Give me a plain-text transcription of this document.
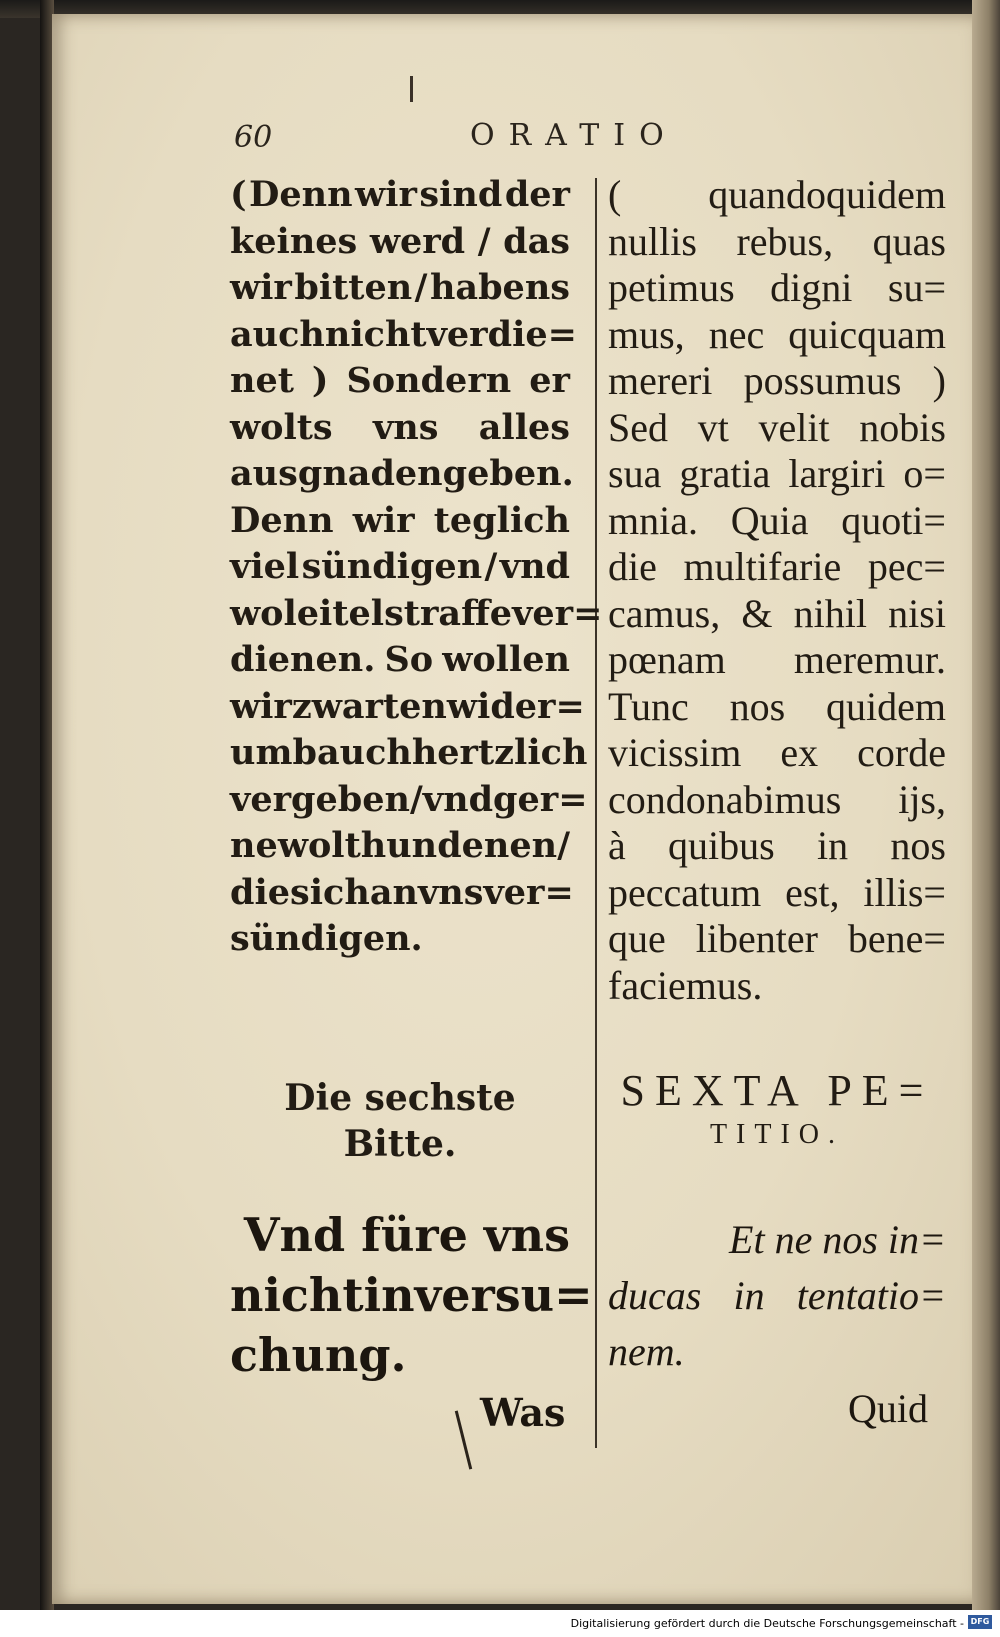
60	ORATIO
( Denn wir sind der
keines werd / das
wir bitten / habens
auch nicht verdie=
net ) Sondern er
wolts vns alles
aus gnaden geben.
Denn wir teglich
viel sündigen / vnd
wol eitel straffe ver=
dienen. So wollen
wir zwarten wider=
umb auch hertzlich
vergeben / vnd ger=
ne wolthun denen /
die sich an vns ver=
sündigen.
( quandoquidem
nullis rebus, quas
petimus digni su=
mus, nec quicquam
mereri possumus )
Sed vt velit nobis
sua gratia largiri o=
mnia. Quia quoti=
die multifarie pec=
camus, & nihil nisi
pœnam meremur.
Tunc nos quidem
vicissim ex corde
condonabimus ijs,
à quibus in nos
peccatum est, illis=
que libenter bene=
faciemus.
Die sechste
Bitte.
SEXTA PE=
TITIO.
Vnd füre vns
nicht in versu=
chung.
Et ne nos in=
ducas in tentatio=
nem.
Was	Quid
Digitalisierung gefördert durch die Deutsche Forschungsgemeinschaft - DFG
